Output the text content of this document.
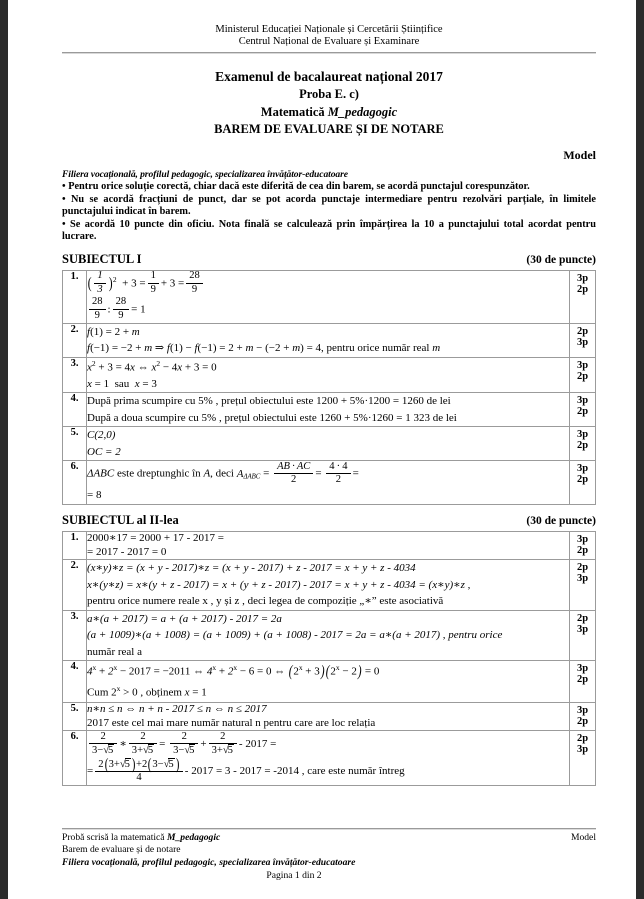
Ministerul Educației Naționale și Cercetării Științifice
Centrul Național de Evaluare și Examinare
Examenul de bacalaureat național 2017
Proba E. c)
Matematică M_pedagogic
BAREM DE EVALUARE ȘI DE NOTARE
Model
Filiera vocațională, profilul pedagogic, specializarea învățător-educatoare

• Pentru orice soluție corectă, chiar dacă este diferită de cea din barem, se acordă punctajul corespunzător.

• Nu se acordă fracțiuni de punct, dar se pot acorda punctaje intermediare pentru rezolvări parțiale, în limitele punctajului indicat în barem.

• Se acordă 10 puncte din oficiu. Nota finală se calculează prin împărțirea la 10 a punctajului total acordat pentru lucrare.

SUBIECTUL I	(30 de puncte)
1.	( $\frac{1}{3} )^2 + 3 = \frac{1}{9} + 3 = \frac{28}{9}$
$\frac{28}{9}$ : $\frac{28}{9} = 1$

3p
2p

2.	f(1) = 2 + m
f(−1) = −2 + m ⇒ f(1) − f(−1) = 2 + m − (−2 + m) = 4, pentru orice număr real m

2p
3p

3.	$x^2 + 3 = 4x$ ⇔ $x^2 - 4x + 3 = 0$
x = 1  sau  x = 3

3p
2p

4.	După prima scumpire cu 5% , prețul obiectului este 1200 + 5%·1200 = 1260 de lei
După a doua scumpire cu 5% , prețul obiectului este 1260 + 5%·1260 = 1 323 de lei

3p
2p

5.	C(2,0)
OC = 2

3p
2p

6.	
ΔABC este dreptunghic în A, deci $A_{\Delta ABC} = \frac{AB \cdot AC}{2} = \frac{4 \cdot 4}{2}$ =
= 8

3p
2p
SUBIECTUL al II-lea	(30 de puncte)
1.	2000∗17 = 2000 + 17 - 2017 =
= 2017 - 2017 = 0

3p
2p

2.	(x∗y)∗z = (x + y - 2017)∗z = (x + y - 2017) + z - 2017 = x + y + z - 4034
x∗(y∗z) = x∗(y + z - 2017) = x + (y + z - 2017) - 2017 = x + y + z - 4034 = (x∗y)∗z ,
pentru orice numere reale x , y și z , deci legea de compoziție „∗” este asociativă

2p
3p

3.	a∗(a + 2017) = a + (a + 2017) - 2017 = 2a
(a + 1009)∗(a + 1008) = (a + 1009) + (a + 1008) - 2017 = 2a = a∗(a + 2017) , pentru orice
număr real a

2p
3p

4.	$4^x + 2^x - 2017 = -2011$ ⇔ $4^x + 2^x - 6 = 0$ ⇔ $(2^x + 3)(2^x - 2) = 0$
Cum $2^x > 0$ , obținem x = 1

3p
2p

5.	n∗n ≤ n ⇔ n + n - 2017 ≤ n ⇔ n ≤ 2017
2017 este cel mai mare număr natural n pentru care are loc relația

3p
2p

6.	$\frac{2}{3-√5}$ ∗ $\frac{2}{3+√5} = \frac{2}{3-√5} + \frac{2}{3+√5} - 2017$ =
= $\frac{2(3+√5 )+2(3-√5 )}{4} - 2017 = 3 - 2017 = -2014$ , care este număr întreg

2p
3p
Probă scrisă la matematică M_pedagogic
Barem de evaluare și de notare
Filiera vocațională, profilul pedagogic, specializarea învățător-educatoare
Model
Pagina 1 din 2
